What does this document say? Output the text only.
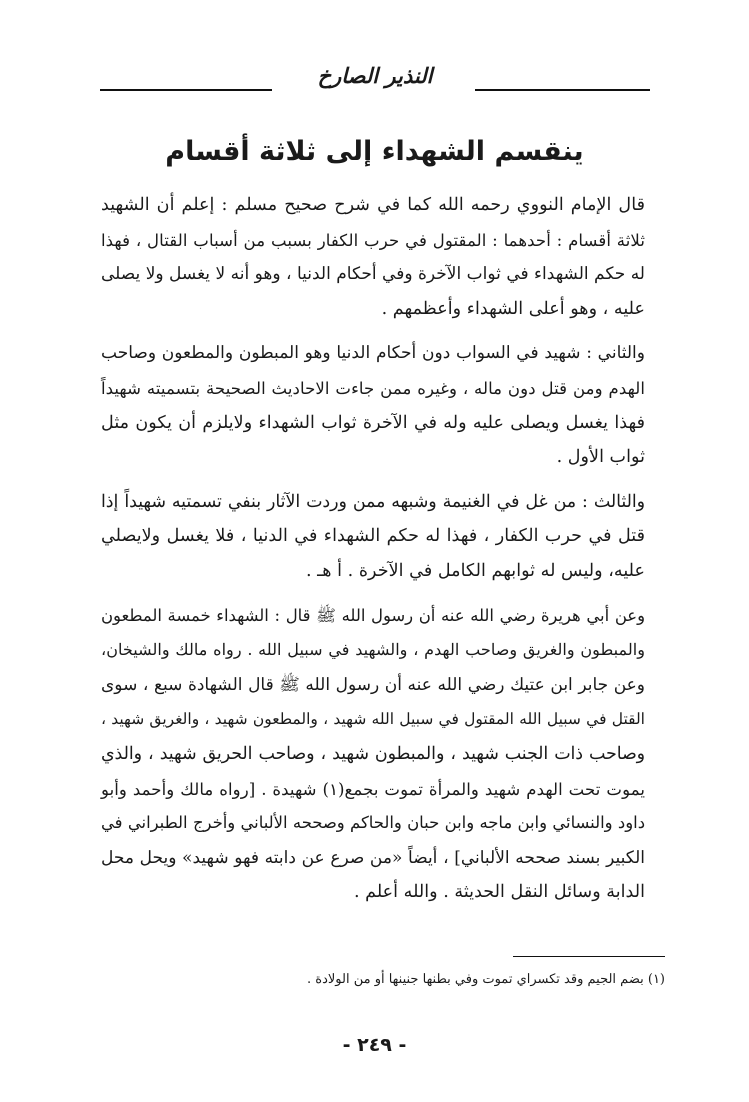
النذير الصارخ
ينقسم الشهداء إلى ثلاثة أقسام
قال الإمام النووي رحمه الله كما في شرح صحيح مسلم : إعلم أن الشهيد
ثلاثة أقسام : أحدهما : المقتول في حرب الكفار بسبب من أسباب القتال ، فهذا
له حكم الشهداء في ثواب الآخرة وفي أحكام الدنيا ، وهو أنه لا يغسل ولا يصلى
عليه ، وهو أعلى الشهداء وأعظمهم .
والثاني : شهيد في السواب دون أحكام الدنيا وهو المبطون والمطعون وصاحب
الهدم ومن قتل دون ماله ، وغيره ممن جاءت الاحاديث الصحيحة بتسميته شهيداً
فهذا يغسل ويصلى عليه وله في الآخرة ثواب الشهداء ولايلزم أن يكون مثل
ثواب الأول .
والثالث : من غل في الغنيمة وشبهه ممن وردت الآثار بنفي تسمتيه شهيداً إذا
قتل في حرب الكفار ، فهذا له حكم الشهداء في الدنيا ، فلا يغسل ولايصلي
عليه، وليس له ثوابهم الكامل في الآخرة . أ هـ .
وعن أبي هريرة رضي الله عنه أن رسول الله ﷺ قال : الشهداء خمسة المطعون
والمبطون والغريق وصاحب الهدم ، والشهيد في سبيل الله . رواه مالك والشيخان،
وعن جابر ابن عتيك رضي الله عنه أن رسول الله ﷺ قال الشهادة سبع ، سوى
القتل في سبيل الله المقتول في سبيل الله شهيد ، والمطعون شهيد ، والغريق شهيد ،
وصاحب ذات الجنب شهيد ، والمبطون شهيد ، وصاحب الحريق شهيد ، والذي
يموت تحت الهدم شهيد والمرأة تموت بجمع(١) شهيدة . [رواه مالك وأحمد وأبو
داود والنسائي وابن ماجه وابن حبان والحاكم وصححه الألباني وأخرج الطبراني في
الكبير بسند صححه الألباني] ، أيضاً «من صرع عن دابته فهو شهيد» ويحل محل
الدابة وسائل النقل الحديثة . والله أعلم .
(١) بضم الجيم وقد تكسراي تموت وفي بطنها جنينها أو من الولادة .
- ٢٤٩ -
